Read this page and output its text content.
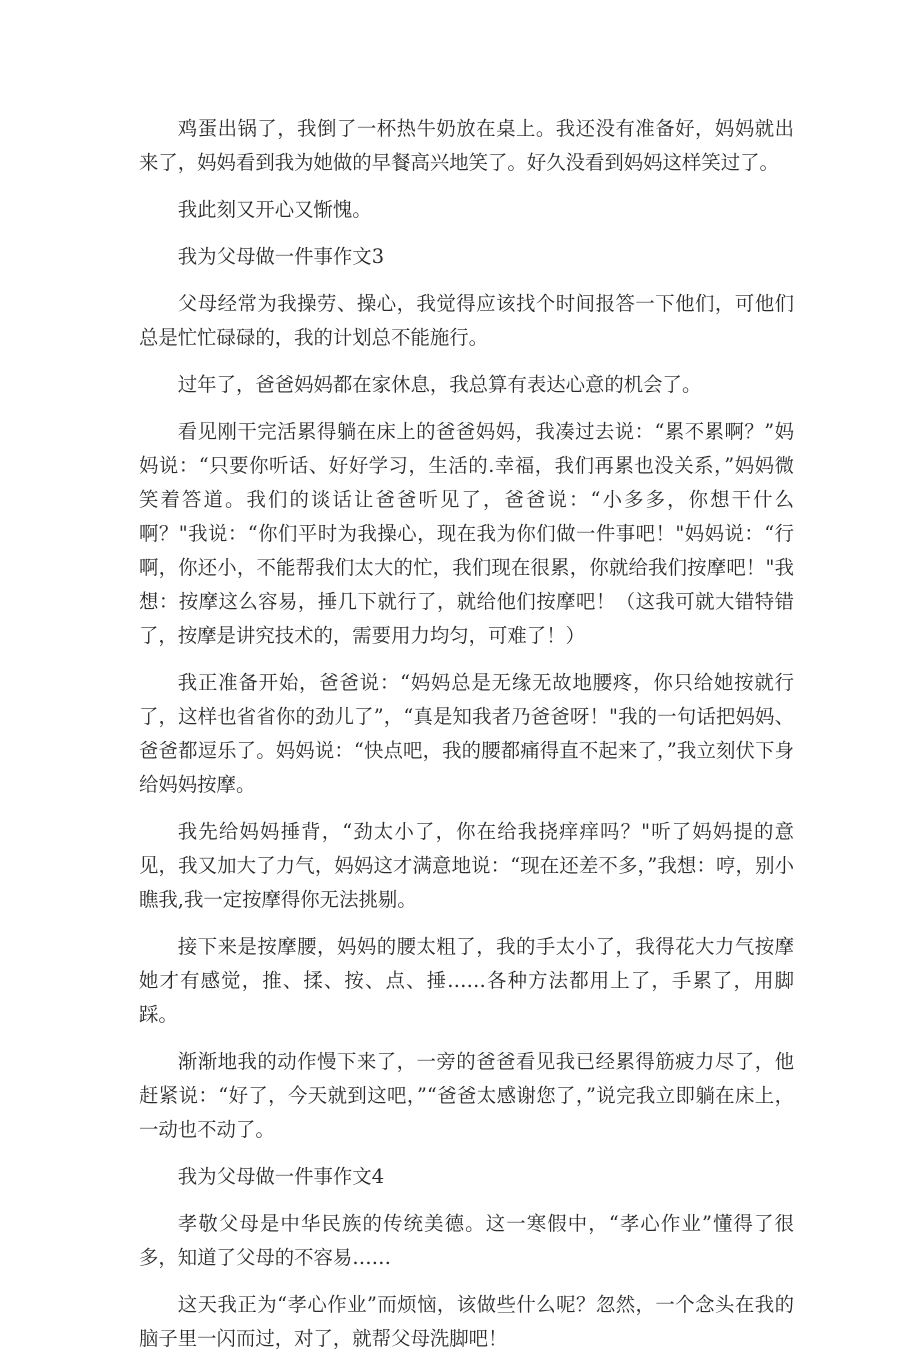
鸡蛋出锅了，我倒了一杯热牛奶放在桌上。我还没有准备好，妈妈就出来了，妈妈看到我为她做的早餐高兴地笑了。好久没看到妈妈这样笑过了。

我此刻又开心又惭愧。

我为父母做一件事作文3

父母经常为我操劳、操心，我觉得应该找个时间报答一下他们，可他们总是忙忙碌碌的，我的计划总不能施行。

过年了，爸爸妈妈都在家休息，我总算有表达心意的机会了。

看见刚干完活累得躺在床上的爸爸妈妈，我凑过去说：“累不累啊？”妈妈说：“只要你听话、好好学习，生活的.幸福，我们再累也没关系，”妈妈微笑着答道。我们的谈话让爸爸听见了，爸爸说：“小多多，你想干什么啊？"我说：“你们平时为我操心，现在我为你们做一件事吧！"妈妈说：“行啊，你还小，不能帮我们太大的忙，我们现在很累，你就给我们按摩吧！"我想：按摩这么容易，捶几下就行了，就给他们按摩吧！（这我可就大错特错了，按摩是讲究技术的，需要用力均匀，可难了！）

我正准备开始，爸爸说：“妈妈总是无缘无故地腰疼，你只给她按就行了，这样也省省你的劲儿了”，“真是知我者乃爸爸呀！"我的一句话把妈妈、爸爸都逗乐了。妈妈说：“快点吧，我的腰都痛得直不起来了，”我立刻伏下身给妈妈按摩。

我先给妈妈捶背，“劲太小了，你在给我挠痒痒吗？"听了妈妈提的意见，我又加大了力气，妈妈这才满意地说：“现在还差不多，”我想：哼，别小瞧我,我一定按摩得你无法挑剔。

接下来是按摩腰，妈妈的腰太粗了，我的手太小了，我得花大力气按摩她才有感觉，推、揉、按、点、捶……各种方法都用上了，手累了，用脚踩。

渐渐地我的动作慢下来了，一旁的爸爸看见我已经累得筋疲力尽了，他赶紧说：“好了，今天就到这吧，”“爸爸太感谢您了，”说完我立即躺在床上，一动也不动了。

我为父母做一件事作文4

孝敬父母是中华民族的传统美德。这一寒假中，“孝心作业”懂得了很多，知道了父母的不容易……

这天我正为“孝心作业”而烦恼，该做些什么呢？忽然，一个念头在我的脑子里一闪而过，对了，就帮父母洗脚吧！
